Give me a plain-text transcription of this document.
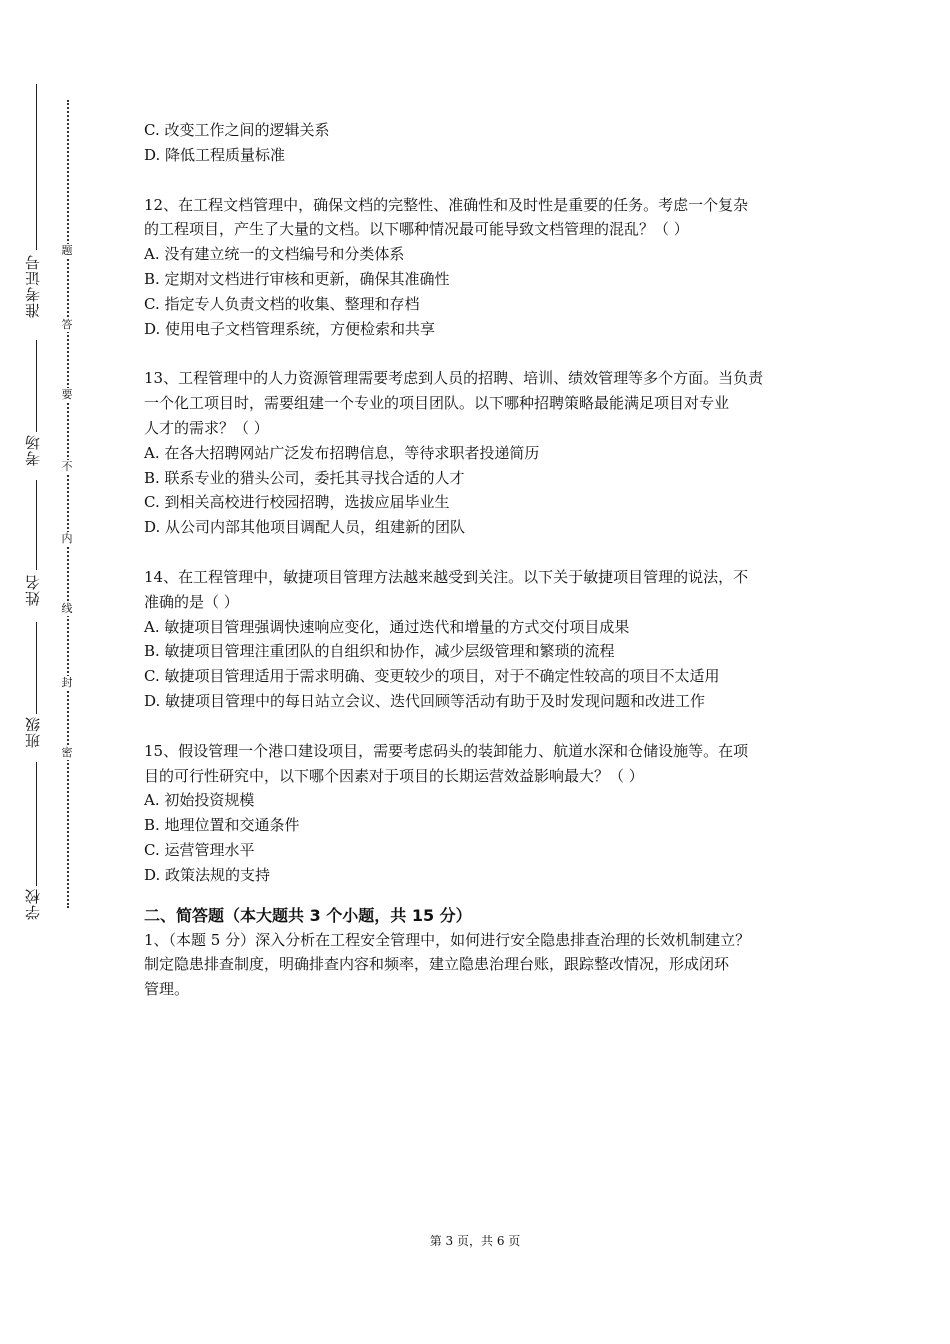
学校
班级
姓名
考场
准考证号
密
封
线
内
不
要
答
题

C. 改变工作之间的逻辑关系

D. 降低工程质量标准

12、在工程文档管理中，确保文档的完整性、准确性和及时性是重要的任务。考虑一个复杂

的工程项目，产生了大量的文档。以下哪种情况最可能导致文档管理的混乱？（ ）

A. 没有建立统一的文档编号和分类体系

B. 定期对文档进行审核和更新，确保其准确性

C. 指定专人负责文档的收集、整理和存档

D. 使用电子文档管理系统，方便检索和共享

13、工程管理中的人力资源管理需要考虑到人员的招聘、培训、绩效管理等多个方面。当负责

一个化工项目时，需要组建一个专业的项目团队。以下哪种招聘策略最能满足项目对专业

人才的需求？（ ）

A. 在各大招聘网站广泛发布招聘信息，等待求职者投递简历

B. 联系专业的猎头公司，委托其寻找合适的人才

C. 到相关高校进行校园招聘，选拔应届毕业生

D. 从公司内部其他项目调配人员，组建新的团队

14、在工程管理中，敏捷项目管理方法越来越受到关注。以下关于敏捷项目管理的说法，不

准确的是（ ）

A. 敏捷项目管理强调快速响应变化，通过迭代和增量的方式交付项目成果

B. 敏捷项目管理注重团队的自组织和协作，减少层级管理和繁琐的流程

C. 敏捷项目管理适用于需求明确、变更较少的项目，对于不确定性较高的项目不太适用

D. 敏捷项目管理中的每日站立会议、迭代回顾等活动有助于及时发现问题和改进工作

15、假设管理一个港口建设项目，需要考虑码头的装卸能力、航道水深和仓储设施等。在项

目的可行性研究中，以下哪个因素对于项目的长期运营效益影响最大？（ ）

A. 初始投资规模

B. 地理位置和交通条件

C. 运营管理水平

D. 政策法规的支持

二、简答题（本大题共 3 个小题，共 15 分）

1、（本题 5 分）深入分析在工程安全管理中，如何进行安全隐患排查治理的长效机制建立？

制定隐患排查制度，明确排查内容和频率，建立隐患治理台账，跟踪整改情况，形成闭环

管理。

第 3 页，共 6 页
